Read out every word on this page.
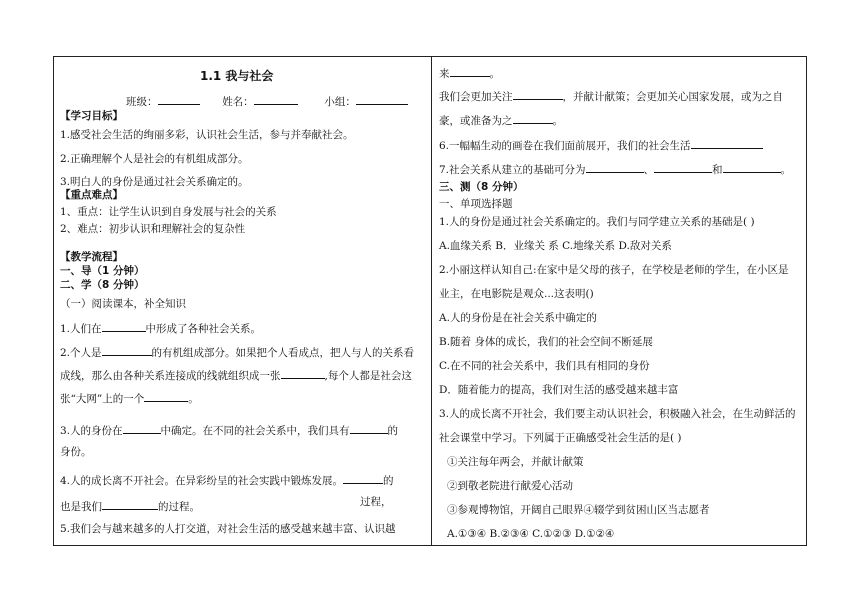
1.1 我与社会
班级：	姓名：	小组：
【学习目标】
1.感受社会生活的绚丽多彩，认识社会生活，参与并奉献社会。
2.正确理解个人是社会的有机组成部分。
3.明白人的身份是通过社会关系确定的。
【重点难点】
1、重点：让学生认识到自身发展与社会的关系
2、难点：初步认识和理解社会的复杂性
【教学流程】
一、导（1 分钟）
二、学（8 分钟）
（一）阅读课本，补全知识
1.人们在	中形成了各种社会关系。
2.个人是	的有机组成部分。如果把个人看成点，把人与人的关系看
成线，那么由各种关系连接成的线就组织成一张	,每个人都是社会这
张“大网”上的一个	。
3.人的身份在	中确定。在不同的社会关系中，我们具有	的
身份。
4.人的成长离不开社会。在异彩纷呈的社会实践中锻炼发展。	的
过程，
也是我们	的过程。
5.我们会与越来越多的人打交道，对社会生活的感受越来越丰富、认识越
来	。
我们会更加关注	，并献计献策；会更加关心国家发展，或为之自
豪，或准备为之	。
6.一幅幅生动的画卷在我们面前展开，我们的社会生活
7.社会关系从建立的基础可分为	、	和	。
三、测（8 分钟）
一、单项选择题
1.人的身份是通过社会关系确定的。我们与同学建立关系的基础是( )
A.血缘关系 B．业缘关 系 C.地缘关系 D.敌对关系
2.小丽这样认知自己:在家中是父母的孩子，在学校是老师的学生，在小区是
业主，在电影院是观众...这表明()
A.人的身份是在社会关系中确定的
B.随着 身体的成长，我们的社会空间不断延展
C.在不同的社会关系中，我们具有相同的身份
D．随着能力的提高，我们对生活的感受越来越丰富
3.人的成长离不开社会，我们要主动认识社会，积极融入社会，在生动鲜活的
社会课堂中学习。下列属于正确感受社会生活的是( )
①关注每年两会，并献计献策
②到敬老院进行献爱心活动
③参观博物馆，开阔自己眼界④辍学到贫困山区当志愿者
A.①③④ B.②③④ C.①②③ D.①②④
